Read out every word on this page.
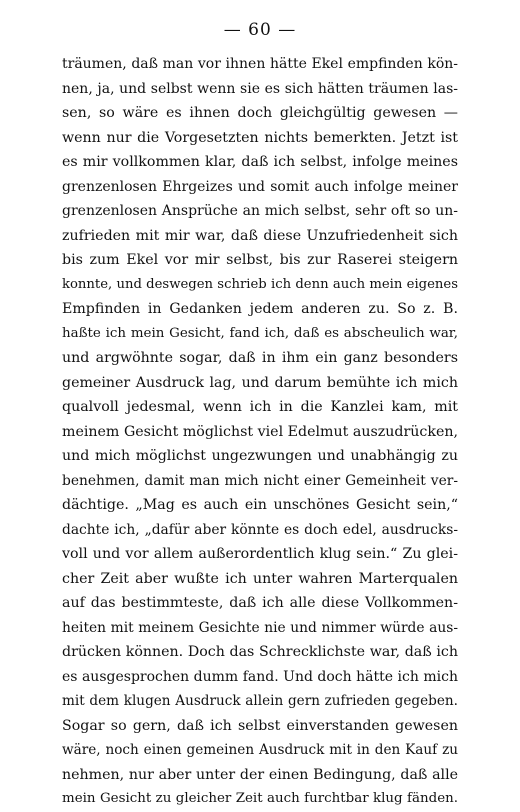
— 60 —
träumen, daß man vor ihnen hätte Ekel empfinden kön-
nen, ja, und selbst wenn sie es sich hätten träumen las-
sen, so wäre es ihnen doch gleichgültig gewesen —
wenn nur die Vorgesetzten nichts bemerkten. Jetzt ist
es mir vollkommen klar, daß ich selbst, infolge meines
grenzenlosen Ehrgeizes und somit auch infolge meiner
grenzenlosen Ansprüche an mich selbst, sehr oft so un-
zufrieden mit mir war, daß diese Unzufriedenheit sich
bis zum Ekel vor mir selbst, bis zur Raserei steigern
konnte, und deswegen schrieb ich denn auch mein eigenes
Empfinden in Gedanken jedem anderen zu. So z. B.
haßte ich mein Gesicht, fand ich, daß es abscheulich war,
und argwöhnte sogar, daß in ihm ein ganz besonders
gemeiner Ausdruck lag, und darum bemühte ich mich
qualvoll jedesmal, wenn ich in die Kanzlei kam, mit
meinem Gesicht möglichst viel Edelmut auszudrücken,
und mich möglichst ungezwungen und unabhängig zu
benehmen, damit man mich nicht einer Gemeinheit ver-
dächtige. „Mag es auch ein unschönes Gesicht sein,“
dachte ich, „dafür aber könnte es doch edel, ausdrucks-
voll und vor allem außerordentlich klug sein.“ Zu glei-
cher Zeit aber wußte ich unter wahren Marterqualen
auf das bestimmteste, daß ich alle diese Vollkommen-
heiten mit meinem Gesichte nie und nimmer würde aus-
drücken können. Doch das Schrecklichste war, daß ich
es ausgesprochen dumm fand. Und doch hätte ich mich
mit dem klugen Ausdruck allein gern zufrieden gegeben.
Sogar so gern, daß ich selbst einverstanden gewesen
wäre, noch einen gemeinen Ausdruck mit in den Kauf zu
nehmen, nur aber unter der einen Bedingung, daß alle
mein Gesicht zu gleicher Zeit auch furchtbar klug fänden.
